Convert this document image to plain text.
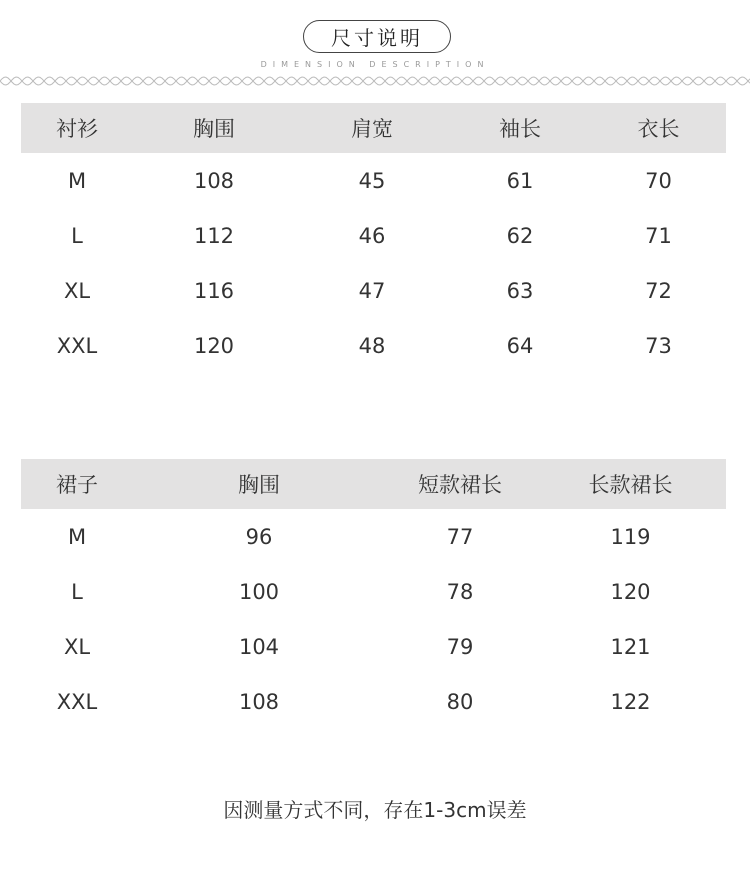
尺寸说明
DIMENSION DESCRIPTION
衬衫	胸围	肩宽	袖长	衣长
M	108	45	61	70
L	112	46	62	71
XL	116	47	63	72
XXL	120	48	64	73
裙子	胸围	短款裙长	长款裙长
M	96	77	119
L	100	78	120
XL	104	79	121
XXL	108	80	122
因测量方式不同，存在1-3cm误差
